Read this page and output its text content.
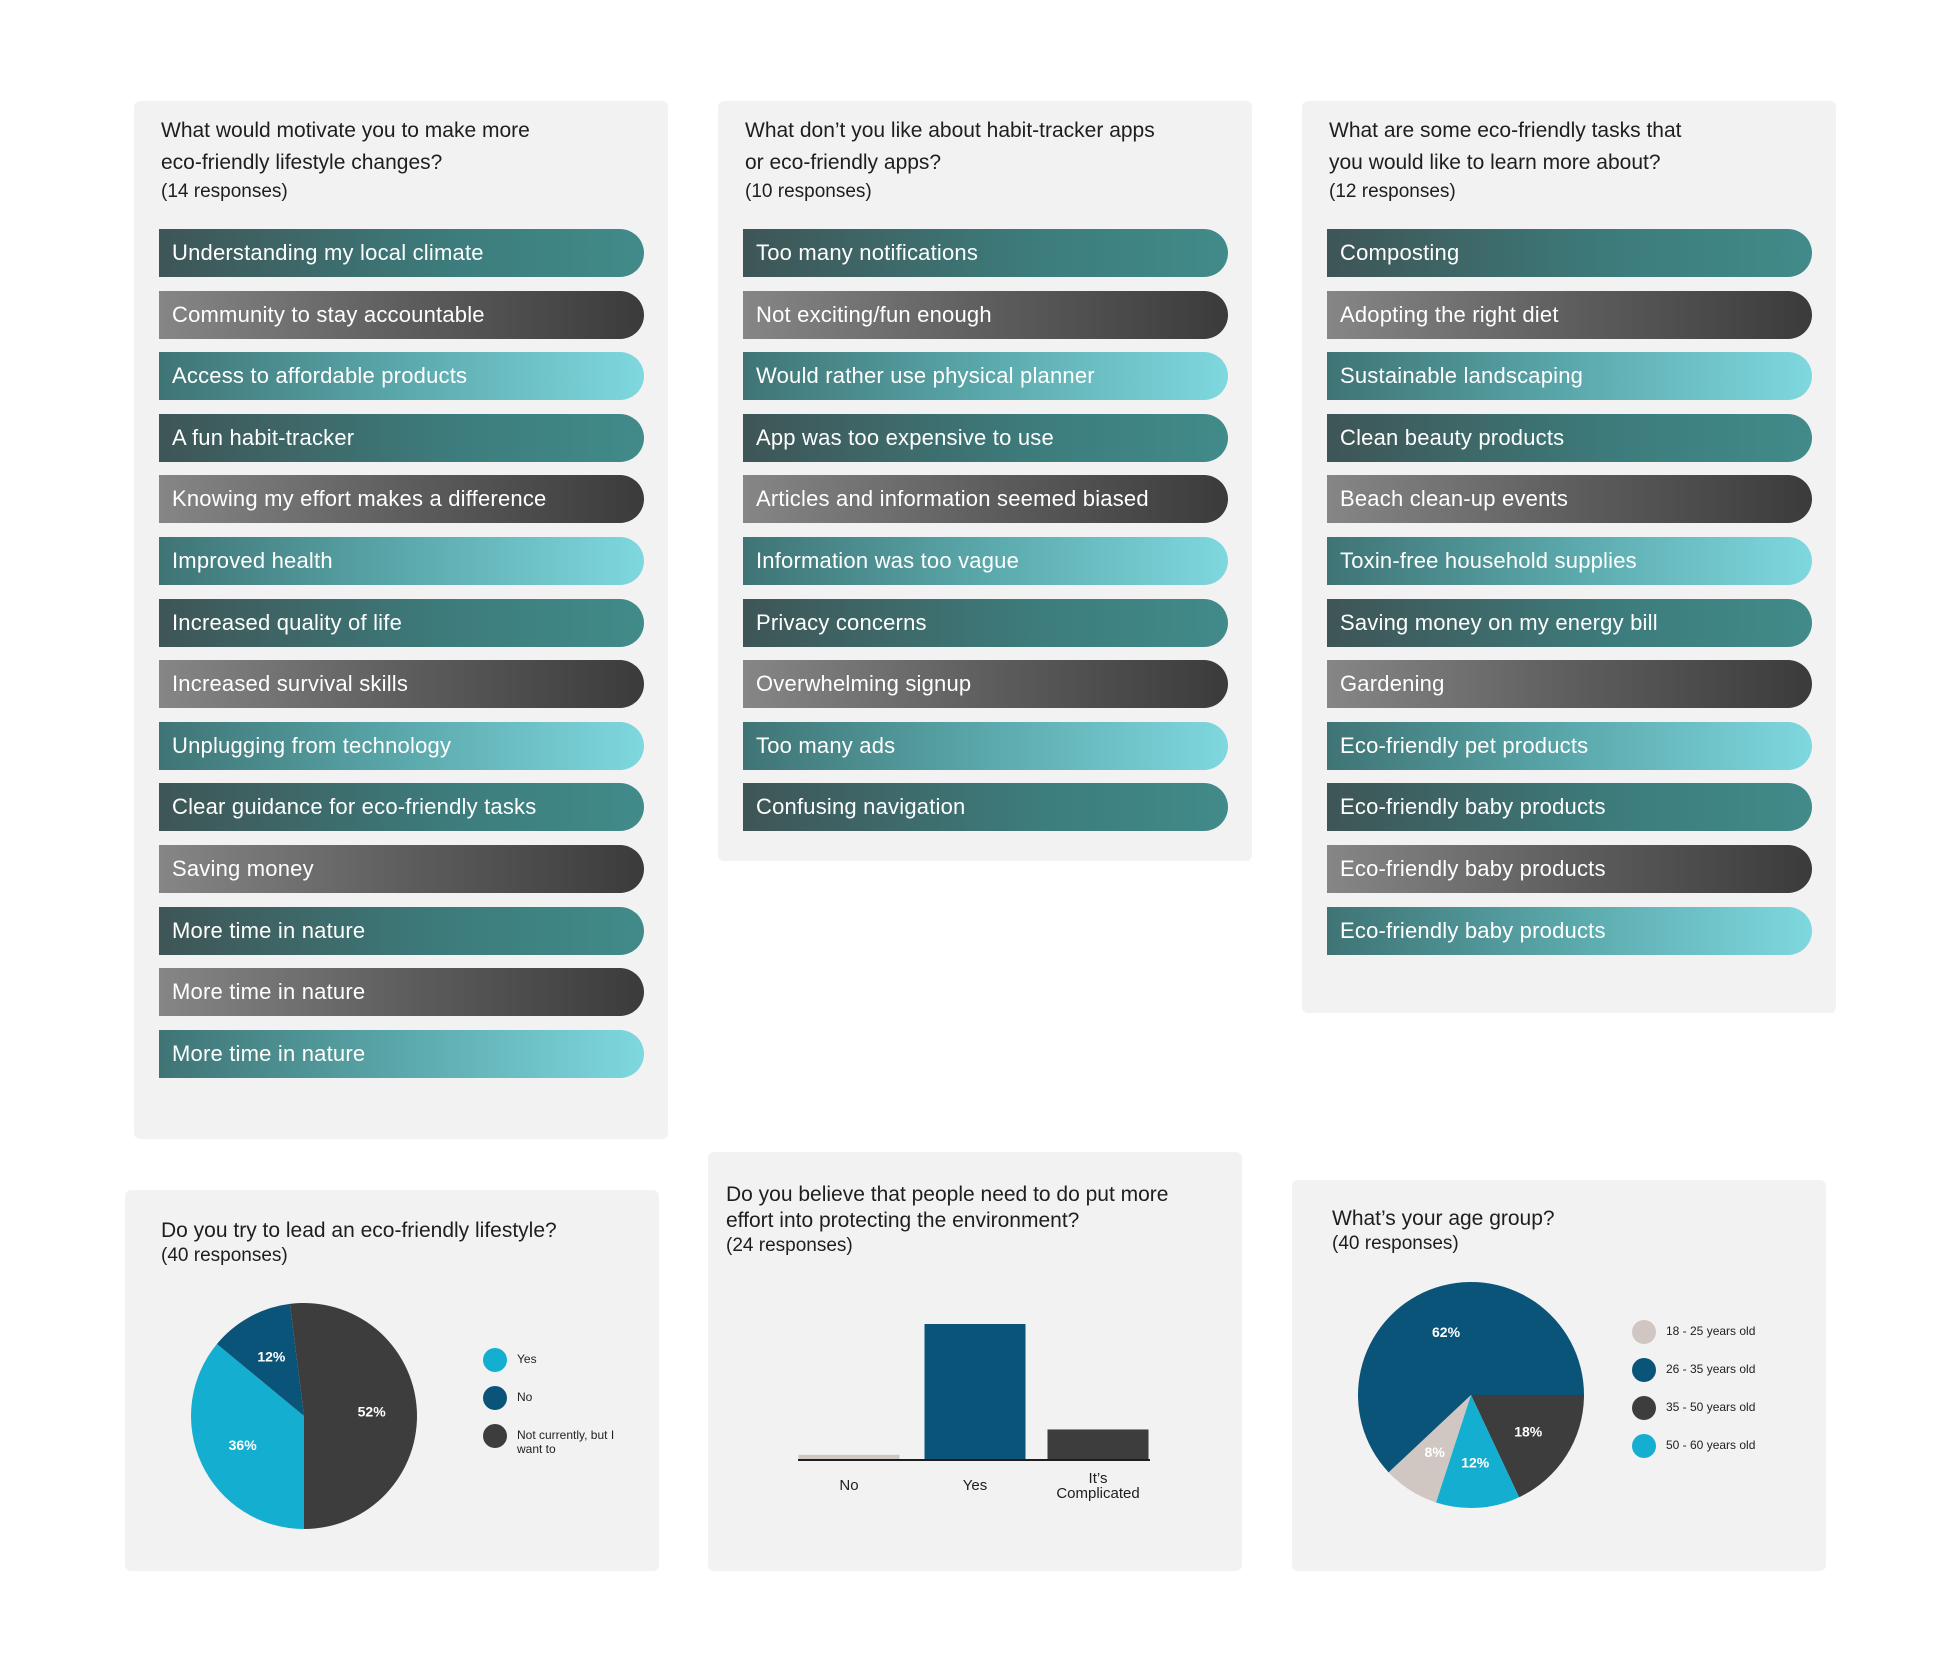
What would motivate you to make more
eco-friendly lifestyle changes?
(14 responses)
Understanding my local climate
Community to stay accountable
Access to affordable products
A fun habit-tracker
Knowing my effort makes a difference
Improved health
Increased quality of life
Increased survival skills
Unplugging from technology
Clear guidance for eco-friendly tasks
Saving money
More time in nature
More time in nature
More time in nature
What don’t you like about habit-tracker apps
or eco-friendly apps?
(10 responses)
Too many notifications
Not exciting/fun enough
Would rather use physical planner
App was too expensive to use
Articles and information seemed biased
Information was too vague
Privacy concerns
Overwhelming signup
Too many ads
Confusing navigation
What are some eco-friendly tasks that
you would like to learn more about?
(12 responses)
Composting
Adopting the right diet
Sustainable landscaping
Clean beauty products
Beach clean-up events
Toxin-free household supplies
Saving money on my energy bill
Gardening
Eco-friendly pet products
Eco-friendly baby products
Eco-friendly baby products
Eco-friendly baby products
Do you try to lead an eco-friendly lifestyle?
(40 responses)
36%
12%
52%
Yes
No
Not currently, but I want to
Do you believe that people need to do put more effort into protecting the environment?
(24 responses)
No	Yes	It’s Complicated
What’s your age group?
(40 responses)
8%
62%
18%
12%
18 - 25 years old
26 - 35 years old
35 - 50 years old
50 - 60 years old
